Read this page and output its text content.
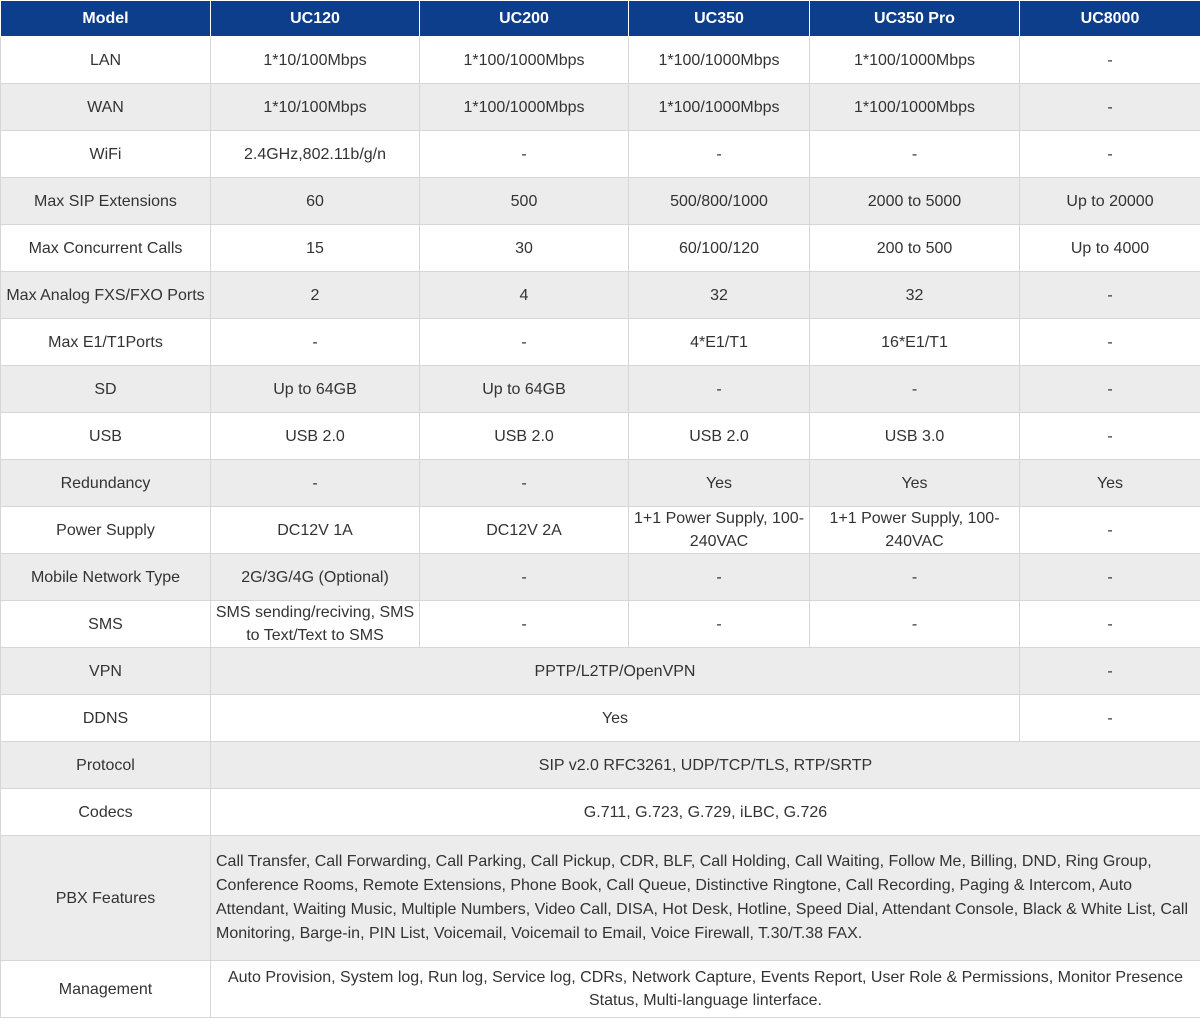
Model	UC120	UC200	UC350	UC350 Pro	UC8000
LAN	1*10/100Mbps	1*100/1000Mbps	1*100/1000Mbps	1*100/1000Mbps	-
WAN	1*10/100Mbps	1*100/1000Mbps	1*100/1000Mbps	1*100/1000Mbps	-
WiFi	2.4GHz,802.11b/g/n	-	-	-	-
Max SIP Extensions	60	500	500/800/1000	2000 to 5000	Up to 20000
Max Concurrent Calls	15	30	60/100/120	200 to 500	Up to 4000
Max Analog FXS/FXO Ports	2	4	32	32	-
Max E1/T1Ports	-	-	4*E1/T1	16*E1/T1	-
SD	Up to 64GB	Up to 64GB	-	-	-
USB	USB 2.0	USB 2.0	USB 2.0	USB 3.0	-
Redundancy	-	-	Yes	Yes	Yes
Power Supply	DC12V 1A	DC12V 2A	1+1 Power Supply, 100-240VAC	1+1 Power Supply, 100-240VAC	-
Mobile Network Type	2G/3G/4G (Optional)	-	-	-	-
SMS	SMS sending/reciving, SMS to Text/Text to SMS	-	-	-	-
VPN	PPTP/L2TP/OpenVPN				-
DDNS	Yes				-
Protocol	SIP v2.0 RFC3261, UDP/TCP/TLS, RTP/SRTP				
Codecs	G.711, G.723, G.729, iLBC, G.726				
PBX Features	Call Transfer, Call Forwarding, Call Parking, Call Pickup, CDR, BLF, Call Holding, Call Waiting, Follow Me, Billing, DND, Ring Group, Conference Rooms, Remote Extensions, Phone Book, Call Queue, Distinctive Ringtone, Call Recording, Paging & Intercom, Auto Attendant, Waiting Music, Multiple Numbers, Video Call, DISA, Hot Desk, Hotline, Speed Dial, Attendant Console, Black & White List, Call Monitoring, Barge-in, PIN List, Voicemail, Voicemail to Email, Voice Firewall, T.30/T.38 FAX.				
Management	Auto Provision, System log, Run log, Service log, CDRs, Network Capture, Events Report, User Role & Permissions, Monitor Presence Status, Multi-language linterface.				
